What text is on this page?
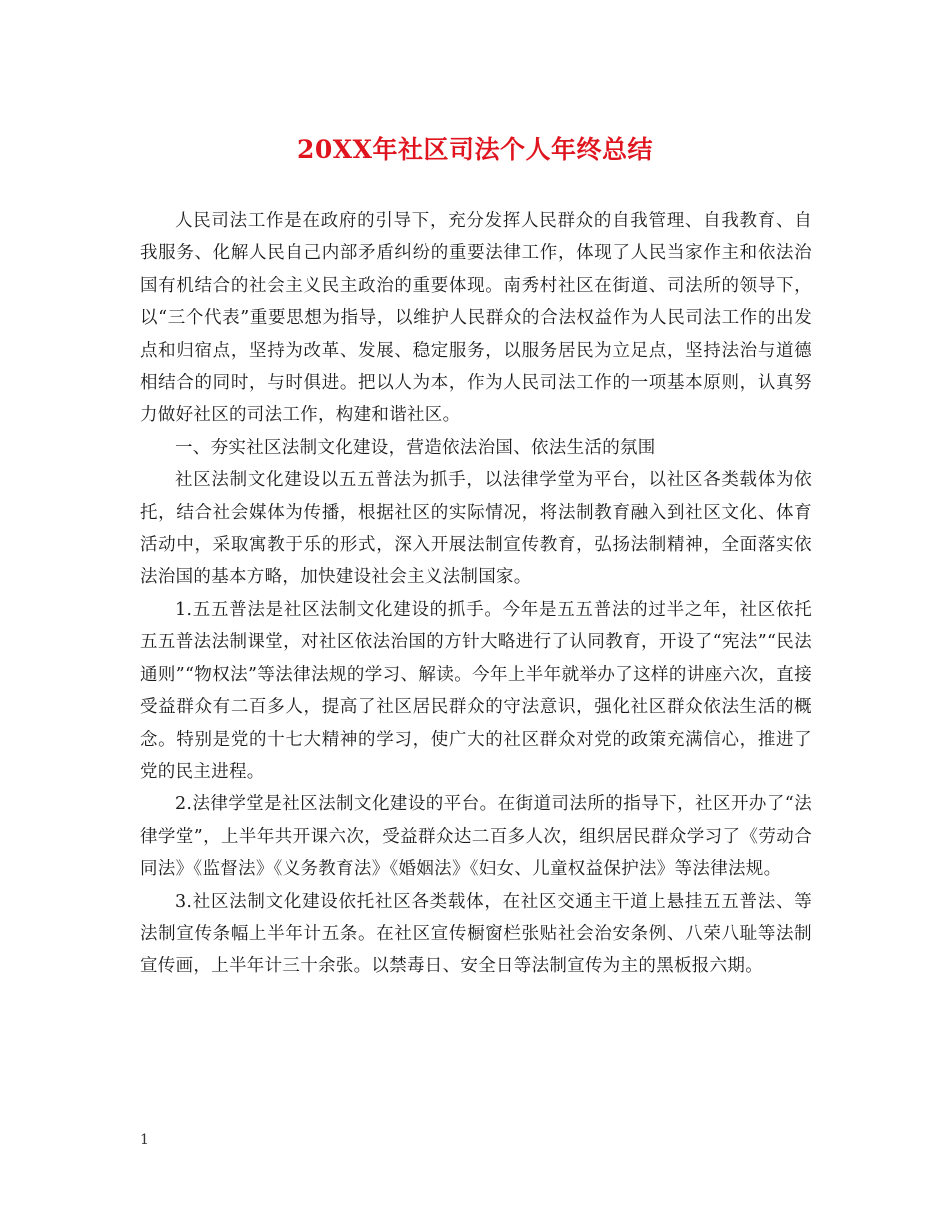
20XX年社区司法个人年终总结

人民司法工作是在政府的引导下，充分发挥人民群众的自我管理、自我教育、自我服务、化解人民自己内部矛盾纠纷的重要法律工作，体现了人民当家作主和依法治国有机结合的社会主义民主政治的重要体现。南秀村社区在街道、司法所的领导下，以“三个代表”重要思想为指导，以维护人民群众的合法权益作为人民司法工作的出发点和归宿点，坚持为改革、发展、稳定服务，以服务居民为立足点，坚持法治与道德相结合的同时，与时俱进。把以人为本，作为人民司法工作的一项基本原则，认真努力做好社区的司法工作，构建和谐社区。

一、夯实社区法制文化建设，营造依法治国、依法生活的氛围

社区法制文化建设以五五普法为抓手，以法律学堂为平台，以社区各类载体为依托，结合社会媒体为传播，根据社区的实际情况，将法制教育融入到社区文化、体育活动中，采取寓教于乐的形式，深入开展法制宣传教育，弘扬法制精神，全面落实依法治国的基本方略，加快建设社会主义法制国家。

1.五五普法是社区法制文化建设的抓手。今年是五五普法的过半之年，社区依托五五普法法制课堂，对社区依法治国的方针大略进行了认同教育，开设了“宪法”“民法通则”“物权法”等法律法规的学习、解读。今年上半年就举办了这样的讲座六次，直接受益群众有二百多人，提高了社区居民群众的守法意识，强化社区群众依法生活的概念。特别是党的十七大精神的学习，使广大的社区群众对党的政策充满信心，推进了党的民主进程。

2.法律学堂是社区法制文化建设的平台。在街道司法所的指导下，社区开办了“法律学堂”，上半年共开课六次，受益群众达二百多人次，组织居民群众学习了《劳动合同法》《监督法》《义务教育法》《婚姻法》《妇女、儿童权益保护法》等法律法规。

3.社区法制文化建设依托社区各类载体，在社区交通主干道上悬挂五五普法、等法制宣传条幅上半年计五条。在社区宣传橱窗栏张贴社会治安条例、八荣八耻等法制宣传画，上半年计三十余张。以禁毒日、安全日等法制宣传为主的黑板报六期。

1
